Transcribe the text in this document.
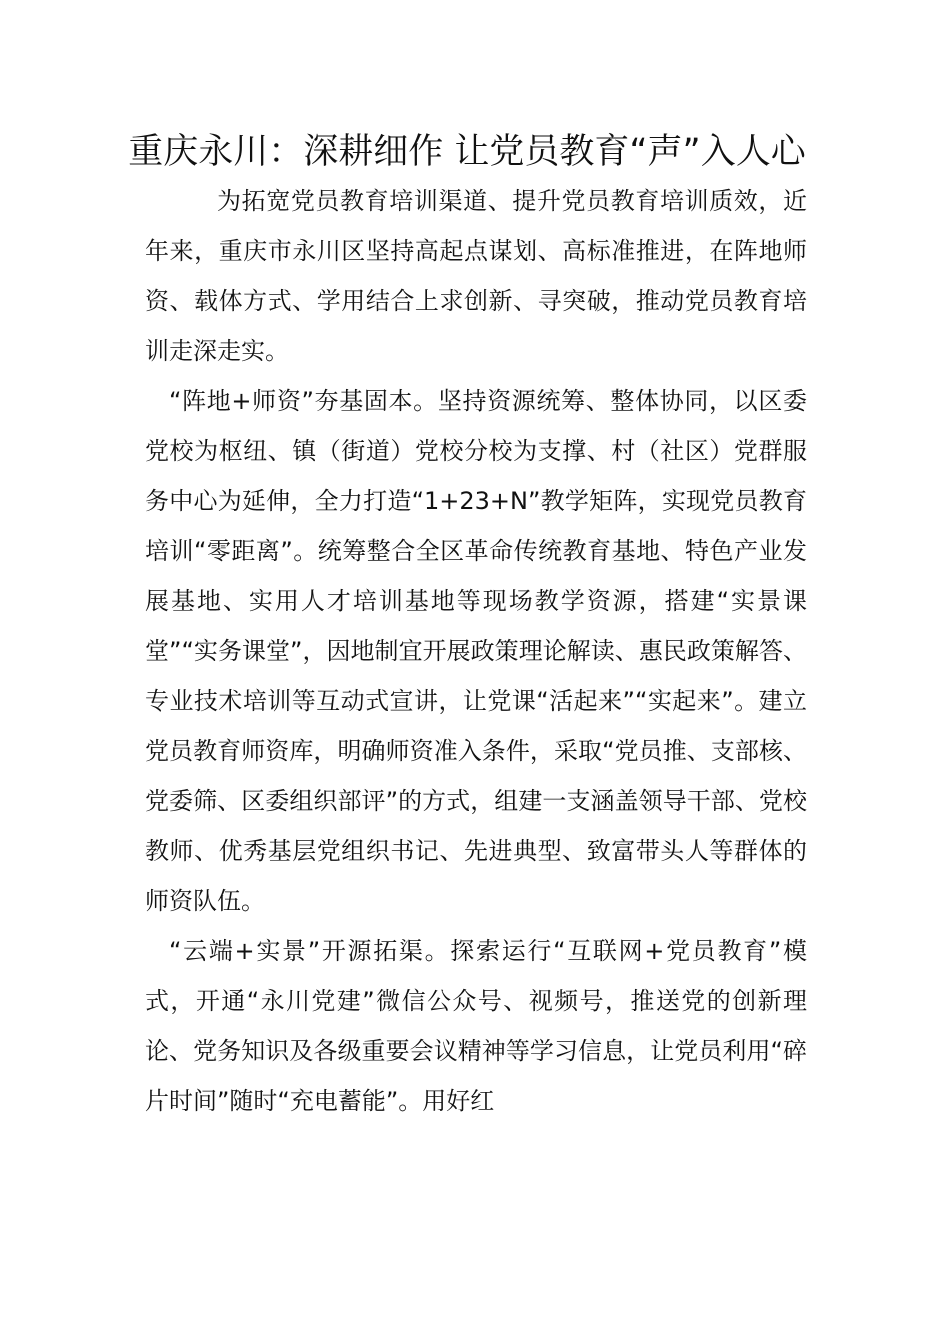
重庆永川：深耕细作 让党员教育“声”入人心

为拓宽党员教育培训渠道、提升党员教育培训质效，近年来，重庆市永川区坚持高起点谋划、高标准推进，在阵地师资、载体方式、学用结合上求创新、寻突破，推动党员教育培训走深走实。

“阵地+师资”夯基固本。坚持资源统筹、整体协同，以区委党校为枢纽、镇（街道）党校分校为支撑、村（社区）党群服务中心为延伸，全力打造“1+23+N”教学矩阵，实现党员教育培训“零距离”。统筹整合全区革命传统教育基地、特色产业发展基地、实用人才培训基地等现场教学资源，搭建“实景课堂”“实务课堂”，因地制宜开展政策理论解读、惠民政策解答、专业技术培训等互动式宣讲，让党课“活起来”“实起来”。建立党员教育师资库，明确师资准入条件，采取“党员推、支部核、党委筛、区委组织部评”的方式，组建一支涵盖领导干部、党校教师、优秀基层党组织书记、先进典型、致富带头人等群体的师资队伍。

“云端+实景”开源拓渠。探索运行“互联网+党员教育”模式，开通“永川党建”微信公众号、视频号，推送党的创新理论、党务知识及各级重要会议精神等学习信息，让党员利用“碎片时间”随时“充电蓄能”。用好红
